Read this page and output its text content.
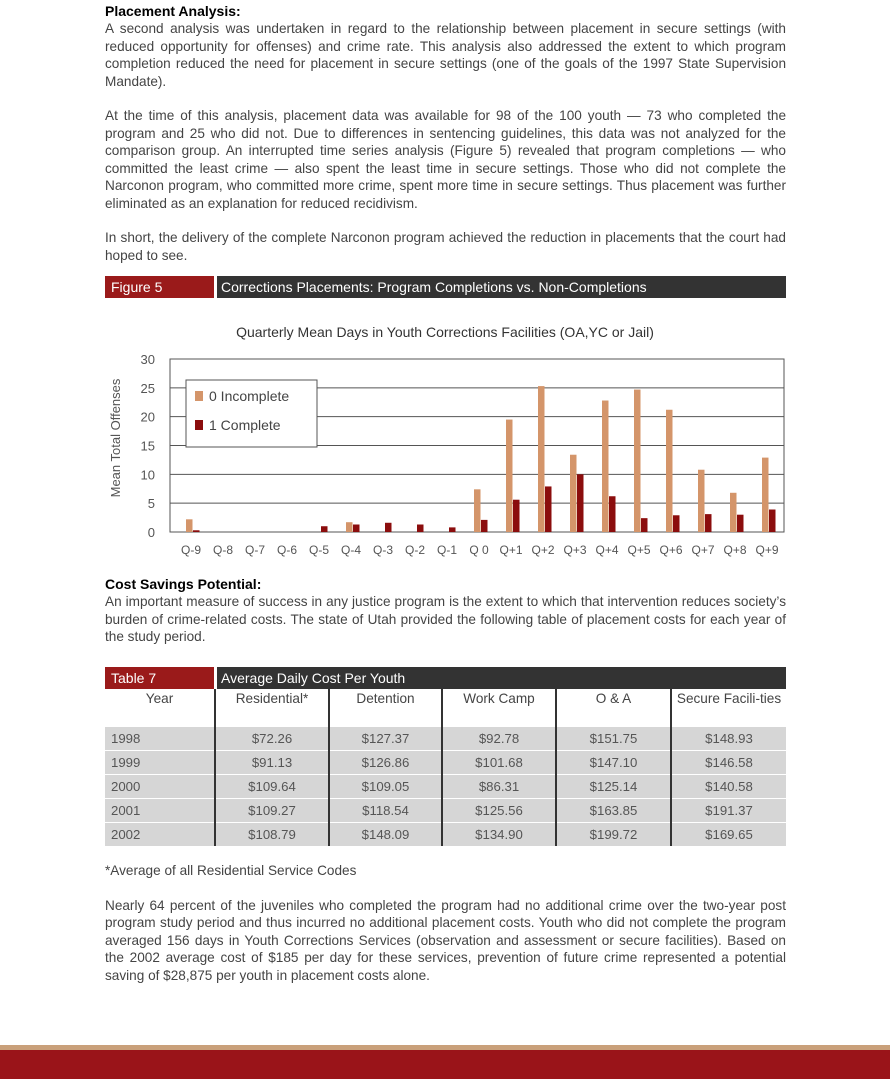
Placement Analysis:

A second analysis was undertaken in regard to the relationship between placement in secure settings (with reduced opportunity for offenses) and crime rate. This analysis also addressed the extent to which program completion reduced the need for placement in secure settings (one of the goals of the 1997 State Supervision Mandate).

At the time of this analysis, placement data was available for 98 of the 100 youth — 73 who completed the program and 25 who did not. Due to differences in sentencing guidelines, this data was not analyzed for the comparison group. An interrupted time series analysis (Figure 5) revealed that program completions — who committed the least crime — also spent the least time in secure settings. Those who did not complete the Narconon program, who committed more crime, spent more time in secure settings. Thus placement was further eliminated as an explanation for reduced recidivism.

In short, the delivery of the complete Narconon program achieved the reduction in placements that the court had hoped to see.

Figure 5	Corrections Placements: Program Completions vs. Non-Completions
Quarterly Mean Days in Youth Corrections Facilities (OA,YC or Jail)
Mean Total Offenses
Q-9 Q-8 Q-7 Q-6 Q-5 Q-4 Q-3 Q-2 Q-1 Q 0 Q+1 Q+2 Q+3 Q+4 Q+5 Q+6 Q+7 Q+8 Q+9
0
5
10
15
20
25
30
0 Incomplete
1 Complete
Cost Savings Potential:

An important measure of success in any justice program is the extent to which that intervention reduces society’s burden of crime-related costs. The state of Utah provided the following table of placement costs for each year of the study period.

Table 7	Average Daily Cost Per Youth
Year	Residential*	Detention	Work Camp	O & A	Secure Facili-ties
1998	$72.26	$127.37	$92.78	$151.75	$148.93
1999	$91.13	$126.86	$101.68	$147.10	$146.58
2000	$109.64	$109.05	$86.31	$125.14	$140.58
2001	$109.27	$118.54	$125.56	$163.85	$191.37
2002	$108.79	$148.09	$134.90	$199.72	$169.65

*Average of all Residential Service Codes

Nearly 64 percent of the juveniles who completed the program had no additional crime over the two-year post program study period and thus incurred no additional placement costs. Youth who did not complete the program averaged 156 days in Youth Corrections Services (observation and assessment or secure facilities). Based on the 2002 average cost of $185 per day for these services, prevention of future crime represented a potential saving of $28,875 per youth in placement costs alone.
